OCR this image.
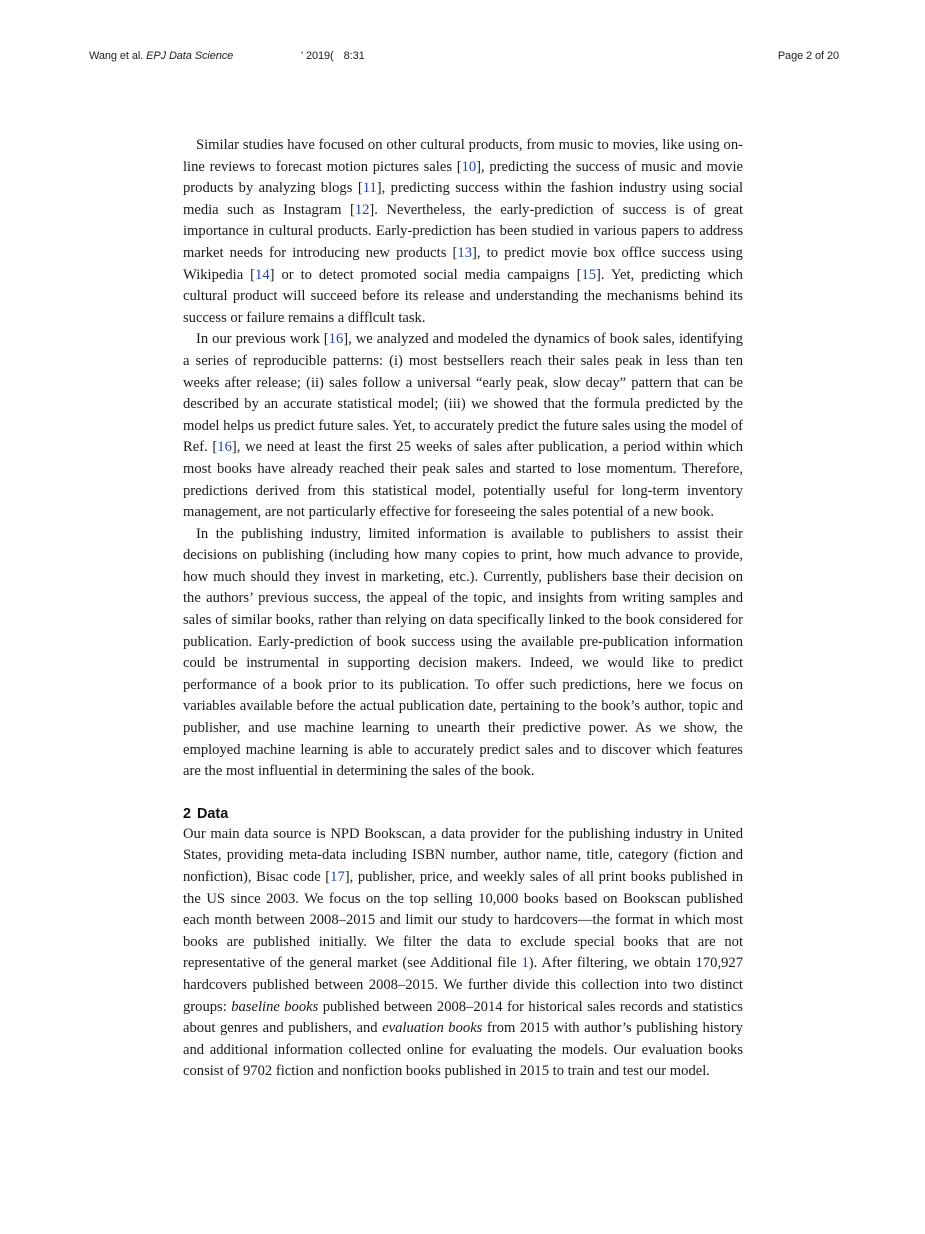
Wang et al. EPJ Data Science	' 2019( 8:31	Page 2 of 20

Similar studies have focused on other cultural products, from music to movies, like using on-line reviews to forecast motion pictures sales [10], predicting the success of music and movie products by analyzing blogs [11], predicting success within the fashion industry using social media such as Instagram [12]. Nevertheless, the early-prediction of success is of great importance in cultural products. Early-prediction has been studied in various papers to address market needs for introducing new products [13], to predict movie box offlce success using Wikipedia [14] or to detect promoted social media campaigns [15]. Yet, predicting which cultural product will succeed before its release and understanding the mechanisms behind its success or failure remains a difflcult task.

In our previous work [16], we analyzed and modeled the dynamics of book sales, identifying a series of reproducible patterns: (i) most bestsellers reach their sales peak in less than ten weeks after release; (ii) sales follow a universal “early peak, slow decay” pattern that can be described by an accurate statistical model; (iii) we showed that the formula predicted by the model helps us predict future sales. Yet, to accurately predict the future sales using the model of Ref. [16], we need at least the first 25 weeks of sales after publication, a period within which most books have already reached their peak sales and started to lose momentum. Therefore, predictions derived from this statistical model, potentially useful for long-term inventory management, are not particularly effective for foreseeing the sales potential of a new book.

In the publishing industry, limited information is available to publishers to assist their decisions on publishing (including how many copies to print, how much advance to provide, how much should they invest in marketing, etc.). Currently, publishers base their decision on the authors’ previous success, the appeal of the topic, and insights from writing samples and sales of similar books, rather than relying on data specifically linked to the book considered for publication. Early-prediction of book success using the available pre-publication information could be instrumental in supporting decision makers. Indeed, we would like to predict performance of a book prior to its publication. To offer such predictions, here we focus on variables available before the actual publication date, pertaining to the book’s author, topic and publisher, and use machine learning to unearth their predictive power. As we show, the employed machine learning is able to accurately predict sales and to discover which features are the most influential in determining the sales of the book.

2 Data

Our main data source is NPD Bookscan, a data provider for the publishing industry in United States, providing meta-data including ISBN number, author name, title, category (fiction and nonfiction), Bisac code [17], publisher, price, and weekly sales of all print books published in the US since 2003. We focus on the top selling 10,000 books based on Bookscan published each month between 2008–2015 and limit our study to hardcovers—the format in which most books are published initially. We filter the data to exclude special books that are not representative of the general market (see Additional file 1). After filtering, we obtain 170,927 hardcovers published between 2008–2015. We further divide this collection into two distinct groups: baseline books published between 2008–2014 for historical sales records and statistics about genres and publishers, and evaluation books from 2015 with author’s publishing history and additional information collected online for evaluating the models. Our evaluation books consist of 9702 fiction and nonfiction books published in 2015 to train and test our model.
